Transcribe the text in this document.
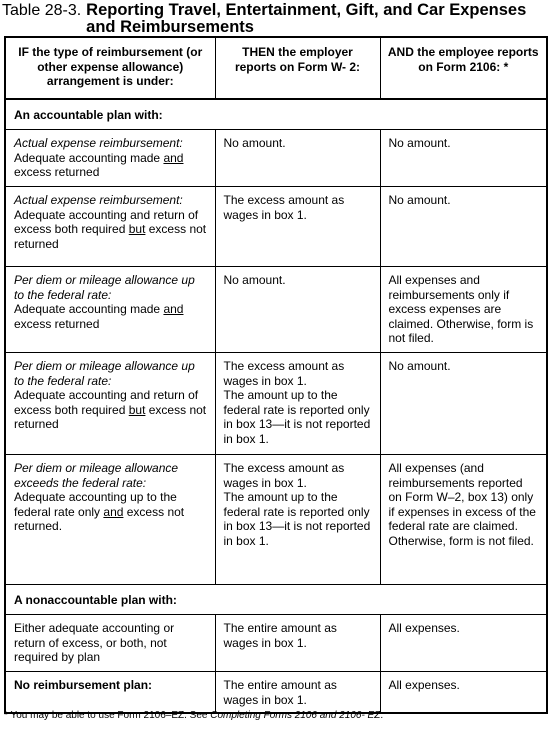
Table 28-3. Reporting Travel, Entertainment, Gift, and Car Expenses and Reimbursements
IF the type of reimbursement (or other expense allowance) arrangement is under:	THEN the employer reports on Form W- 2:	AND the employee reports on Form 2106: *

An accountable plan with:		

Actual expense reimbursement:
Adequate accounting made and excess returned	No amount.	No amount.

Actual expense reimbursement:
Adequate accounting and return of excess both required but excess not returned	The excess amount as wages in box 1.	No amount.

Per diem or mileage allowance up to the federal rate:
Adequate accounting made and excess returned	No amount.	All expenses and reimbursements only if excess expenses are claimed. Otherwise, form is not filed.

Per diem or mileage allowance up to the federal rate:
Adequate accounting and return of excess both required but excess not returned	The excess amount as wages in box 1.
The amount up to the federal rate is reported only in box 13—it is not reported in box 1.	No amount.

Per diem or mileage allowance exceeds the federal rate:
Adequate accounting up to the federal rate only and excess not returned.	The excess amount as wages in box 1.
The amount up to the federal rate is reported only in box 13—it is not reported in box 1.	All expenses (and reimbursements reported on Form W–2, box 13) only if expenses in excess of the federal rate are claimed. Otherwise, form is not filed.

A nonaccountable plan with:		

Either adequate accounting or return of excess, or both, not required by plan	The entire amount as wages in box 1.	All expenses.

No reimbursement plan:	The entire amount as wages in box 1.	All expenses.
* You may be able to use Form 2106–EZ. See Completing Forms 2106 and 2106- EZ.
